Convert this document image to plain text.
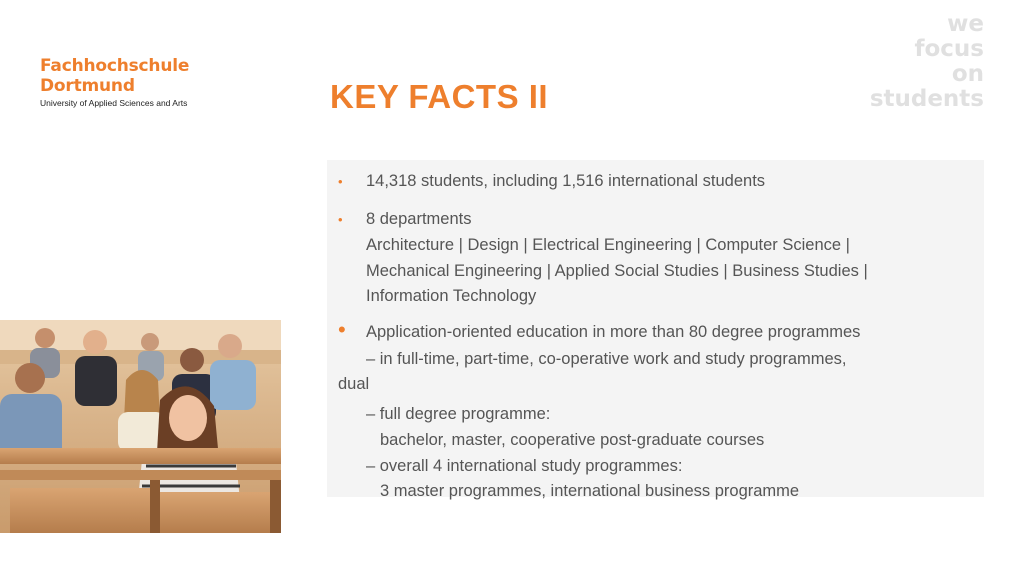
Fachhochschule
Dortmund
University of Applied Sciences and Arts	KEY FACTS II
we
focus
on
students
• 14,318 students, including 1,516 international students
• 8 departments
Architecture | Design | Electrical Engineering | Computer Science |
Mechanical Engineering | Applied Social Studies | Business Studies |
Information Technology
• Application-oriented education in more than 80 degree programmes
– in full-time, part-time, co-operative work and study programmes,
dual
– full degree programme:
bachelor, master, cooperative post-graduate courses
– overall 4 international study programmes:
3 master programmes, international business programme
